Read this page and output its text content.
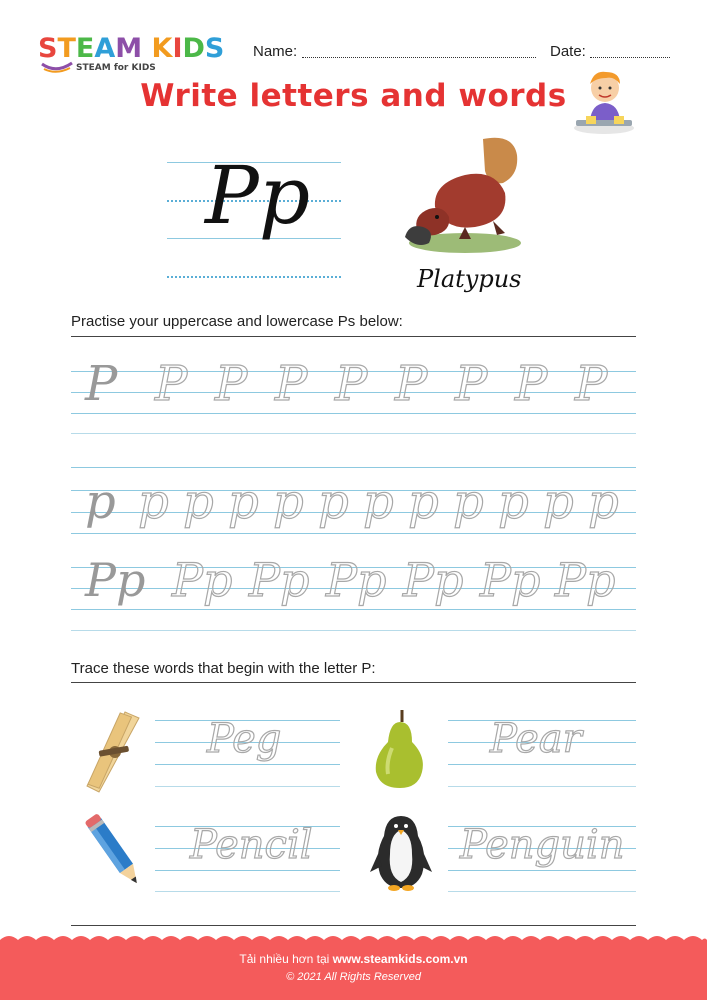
STEAM KIDS
STEAM for KIDS
Name:	Date:
Write letters and words
Pp
Platypus
Practise your uppercase and lowercase Ps below:
P P P P P P P P P
p p p p p p p p p p p p
Pp Pp Pp Pp Pp Pp Pp
Trace these words that begin with the letter P:
Peg	Pear
Pencil	Penguin
Tải nhiều hơn tại www.steamkids.com.vn
© 2021 All Rights Reserved
